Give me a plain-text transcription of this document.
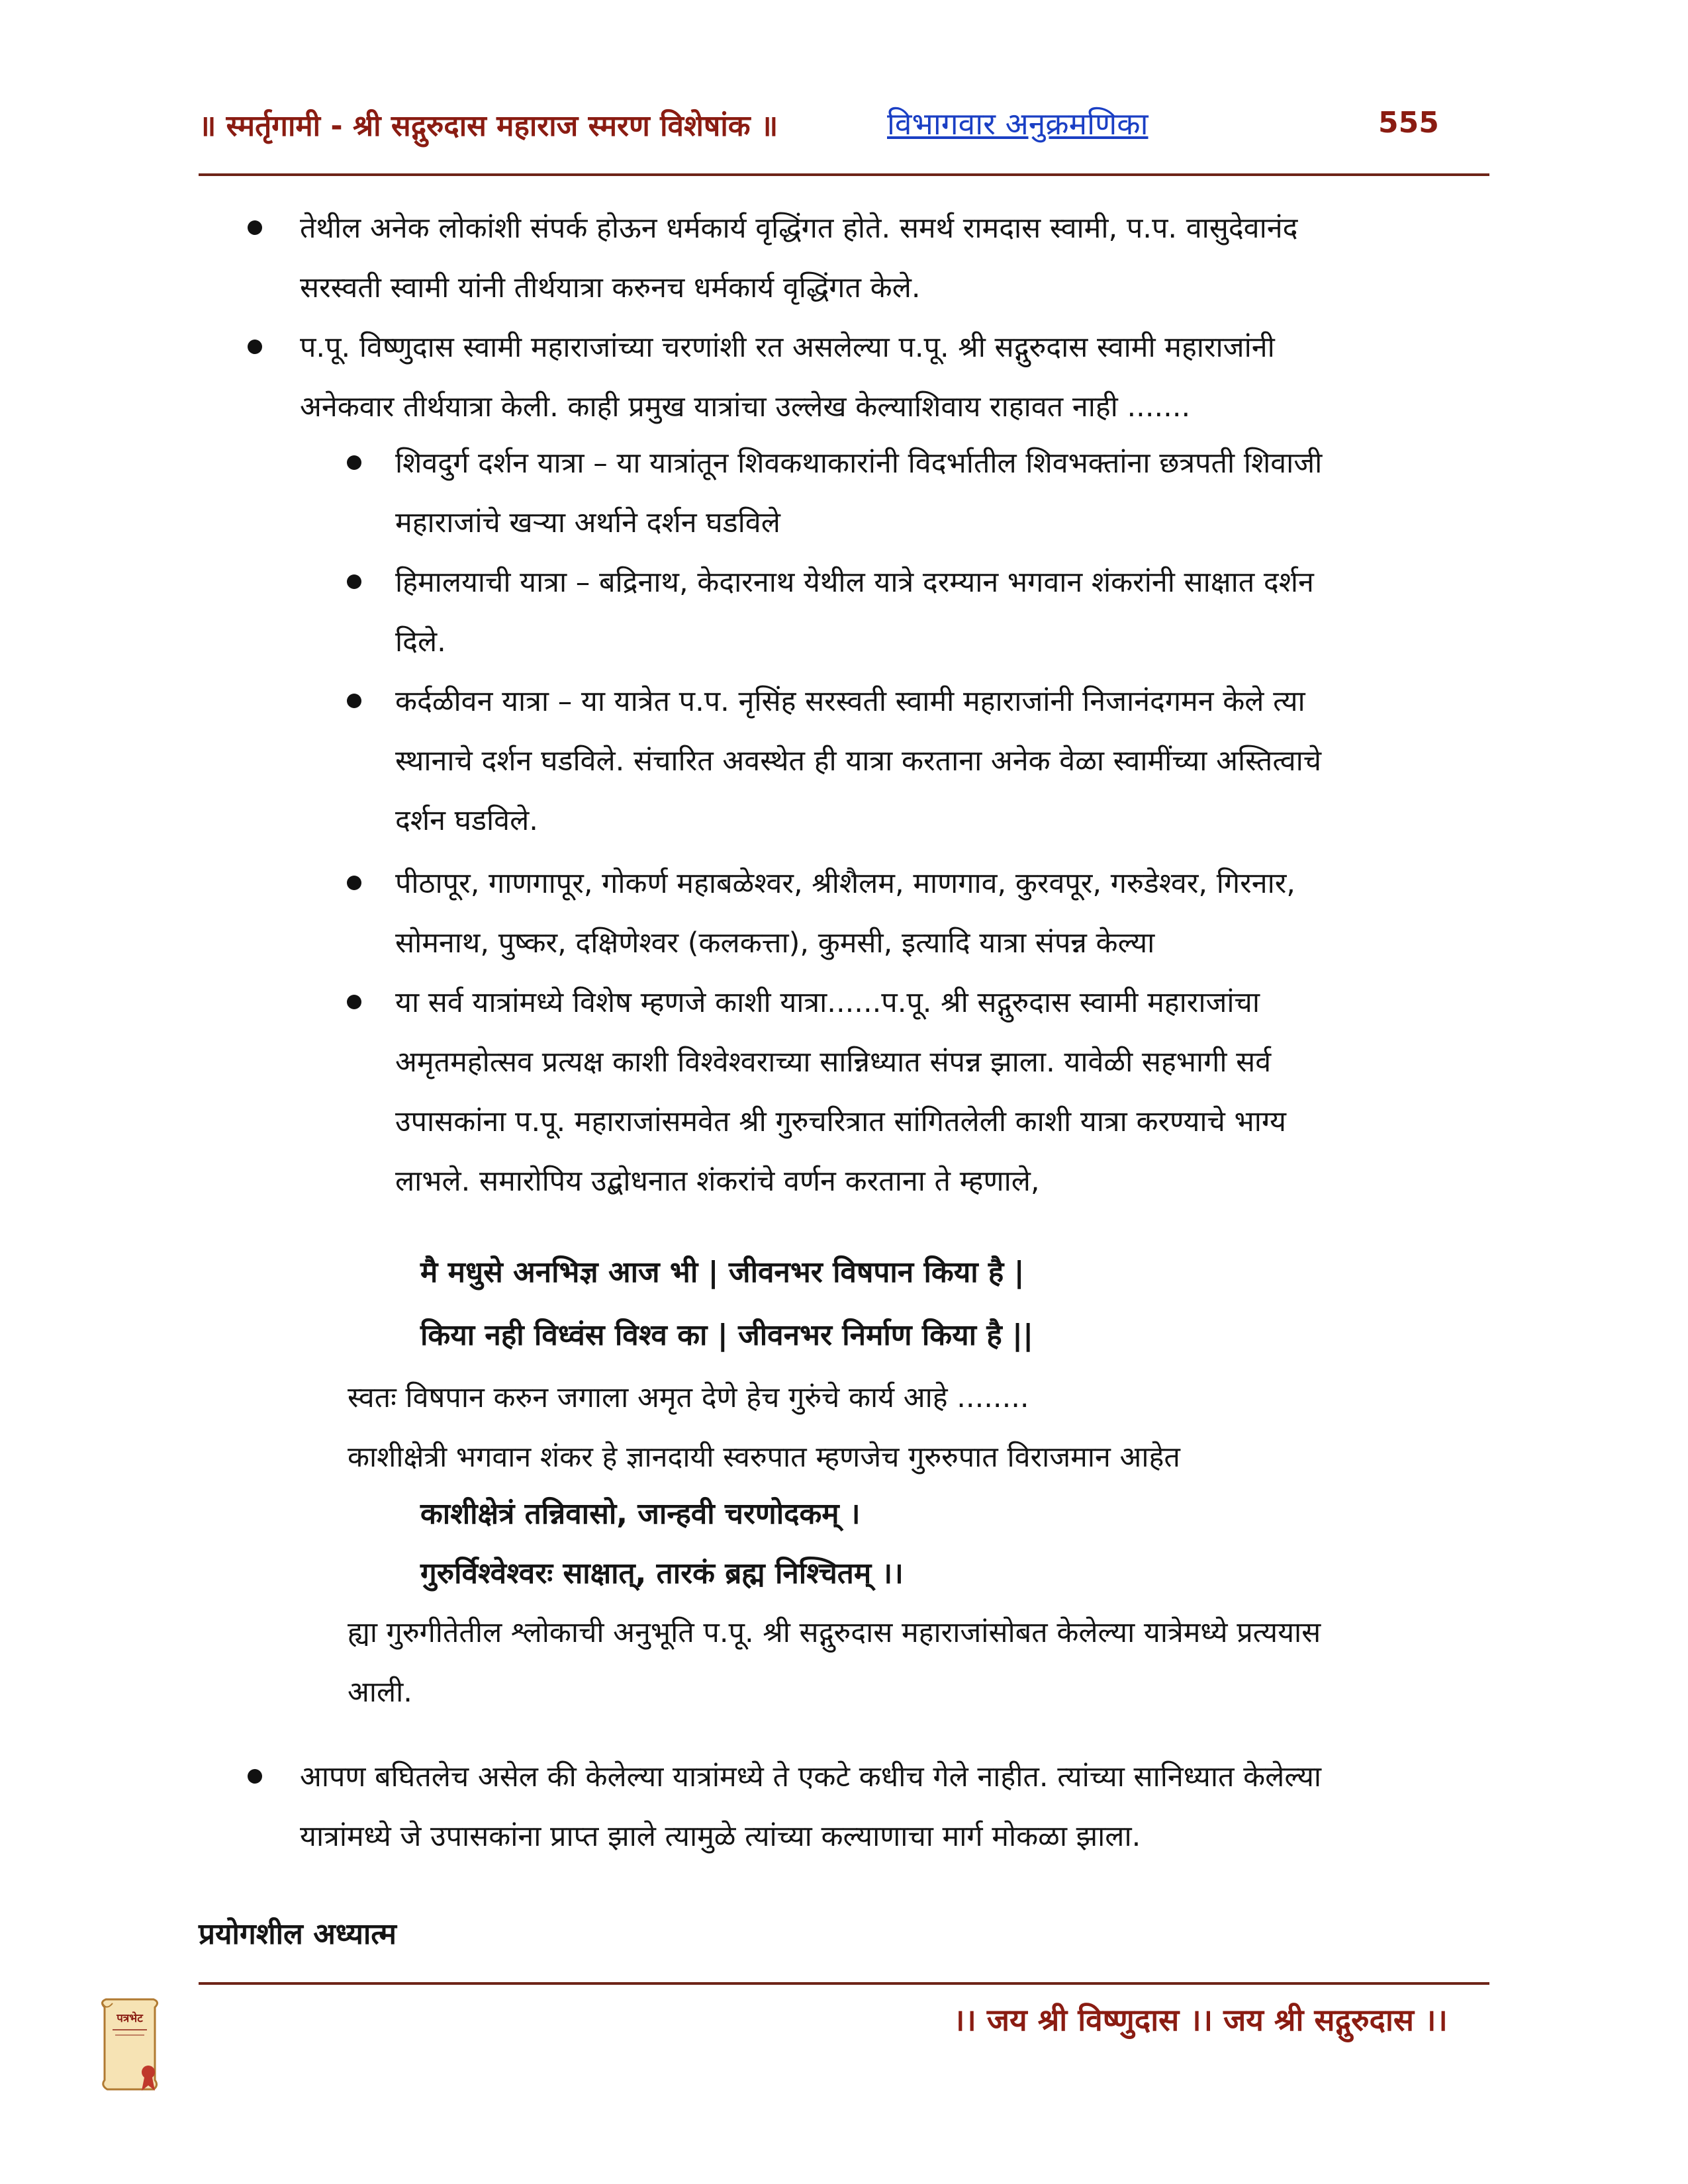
॥ स्मर्तृगामी - श्री सद्गुरुदास महाराज स्मरण विशेषांक ॥	विभागवार अनुक्रमणिका	555

तेथील अनेक लोकांशी संपर्क होऊन धर्मकार्य वृद्धिंगत होते. समर्थ रामदास स्वामी, प.प. वासुदेवानंद

सरस्वती स्वामी यांनी तीर्थयात्रा करुनच धर्मकार्य वृद्धिंगत केले.

प.पू. विष्णुदास स्वामी महाराजांच्या चरणांशी रत असलेल्या प.पू. श्री सद्गुरुदास स्वामी महाराजांनी

अनेकवार तीर्थयात्रा केली. काही प्रमुख यात्रांचा उल्लेख केल्याशिवाय राहावत नाही .......

शिवदुर्ग दर्शन यात्रा – या यात्रांतून शिवकथाकारांनी विदर्भातील शिवभक्तांना छत्रपती शिवाजी

महाराजांचे खऱ्या अर्थाने दर्शन घडविले

हिमालयाची यात्रा – बद्रिनाथ, केदारनाथ येथील यात्रे दरम्यान भगवान शंकरांनी साक्षात दर्शन

दिले.

कर्दळीवन यात्रा – या यात्रेत प.प. नृसिंह सरस्वती स्वामी महाराजांनी निजानंदगमन केले त्या

स्थानाचे दर्शन घडविले. संचारित अवस्थेत ही यात्रा करताना अनेक वेळा स्वामींच्या अस्तित्वाचे

दर्शन घडविले.

पीठापूर, गाणगापूर, गोकर्ण महाबळेश्वर, श्रीशैलम, माणगाव, कुरवपूर, गरुडेश्वर, गिरनार,

सोमनाथ, पुष्कर, दक्षिणेश्वर (कलकत्ता), कुमसी, इत्यादि यात्रा संपन्न केल्या

या सर्व यात्रांमध्ये विशेष म्हणजे काशी यात्रा......प.पू. श्री सद्गुरुदास स्वामी महाराजांचा

अमृतमहोत्सव प्रत्यक्ष काशी विश्वेश्वराच्या सान्निध्यात संपन्न झाला. यावेळी सहभागी सर्व

उपासकांना प.पू. महाराजांसमवेत श्री गुरुचरित्रात सांगितलेली काशी यात्रा करण्याचे भाग्य

लाभले. समारोपिय उद्बोधनात शंकरांचे वर्णन करताना ते म्हणाले,

मै मधुसे अनभिज्ञ आज भी | जीवनभर विषपान किया है |
किया नही विध्वंस विश्व का | जीवनभर निर्माण किया है ||
स्वतः विषपान करुन जगाला अमृत देणे हेच गुरुंचे कार्य आहे ........
काशीक्षेत्री भगवान शंकर हे ज्ञानदायी स्वरुपात म्हणजेच गुरुरुपात विराजमान आहेत
काशीक्षेत्रं तन्निवासो, जान्हवी चरणोदकम् ।
गुरुर्विश्वेश्वरः साक्षात्, तारकं ब्रह्म निश्चितम् ।।
ह्या गुरुगीतेतील श्लोकाची अनुभूति प.पू. श्री सद्गुरुदास महाराजांसोबत केलेल्या यात्रेमध्ये प्रत्ययास
आली.

आपण बघितलेच असेल की केलेल्या यात्रांमध्ये ते एकटे कधीच गेले नाहीत. त्यांच्या सानिध्यात केलेल्या

यात्रांमध्ये जे उपासकांना प्राप्त झाले त्यामुळे त्यांच्या कल्याणाचा मार्ग मोकळा झाला.

प्रयोगशील अध्यात्म
।। जय श्री विष्णुदास ।। जय श्री सद्गुरुदास ।।
पत्रभेट
